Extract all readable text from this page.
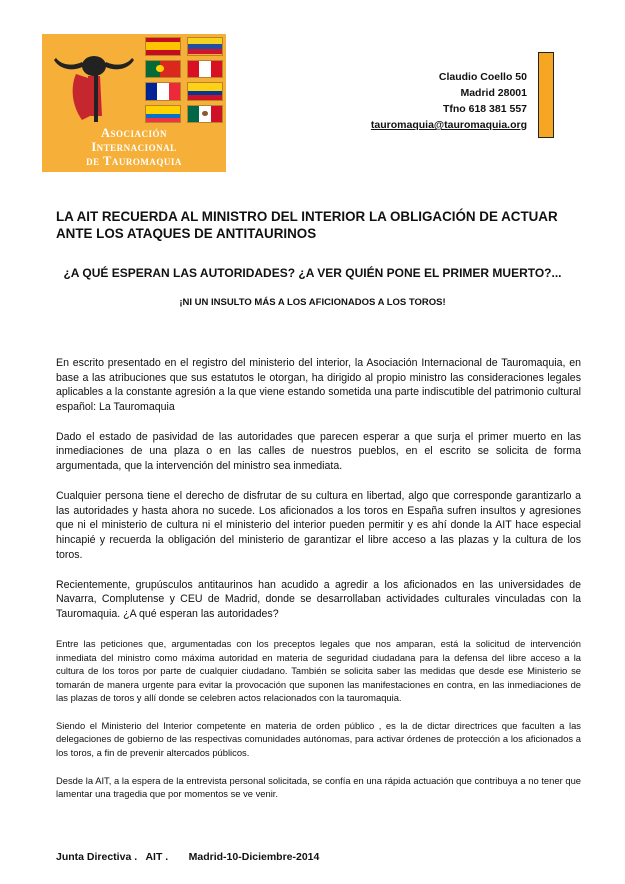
Asociación
Internacional
de Tauromaquia
Claudio Coello 50
Madrid 28001
Tfno 618 381 557
tauromaquia@tauromaquia.org
LA AIT RECUERDA AL MINISTRO DEL INTERIOR LA OBLIGACIÓN DE ACTUAR ANTE LOS ATAQUES DE ANTITAURINOS
¿A QUÉ ESPERAN LAS AUTORIDADES? ¿A VER QUIÉN PONE EL PRIMER MUERTO?...
¡NI UN INSULTO MÁS A LOS AFICIONADOS A LOS TOROS!

En escrito presentado en el registro del ministerio del interior, la Asociación Internacional de Tauromaquia, en base a las atribuciones que sus estatutos le otorgan, ha dirigido al propio ministro las consideraciones legales aplicables a la constante agresión a la que viene estando sometida una parte indiscutible del patrimonio cultural español: La Tauromaquia

Dado el estado de pasividad de las autoridades que parecen esperar a que surja el primer muerto en las inmediaciones de una plaza o en las calles de nuestros pueblos, en el escrito se solicita de forma argumentada, que la intervención del ministro sea inmediata.

Cualquier persona tiene el derecho de disfrutar de su cultura en libertad, algo que corresponde garantizarlo a las autoridades y hasta ahora no sucede. Los aficionados a los toros en España sufren insultos y agresiones que ni el ministerio de cultura ni el ministerio del interior pueden permitir y es ahí donde la AIT hace especial hincapié y recuerda la obligación del ministerio de garantizar el libre acceso a las plazas y la cultura de los toros.

Recientemente, grupúsculos antitaurinos han acudido a agredir a los aficionados en las universidades de Navarra, Complutense y CEU de Madrid, donde se desarrollaban actividades culturales vinculadas con la Tauromaquia. ¿A qué esperan las autoridades?

Entre las peticiones que, argumentadas con los preceptos legales que nos amparan, está la solicitud de intervención inmediata del ministro como máxima autoridad en materia de seguridad ciudadana para la defensa del libre acceso a la cultura de los toros por parte de cualquier ciudadano. También se solicita saber las medidas que desde ese Ministerio se tomarán de manera urgente para evitar la provocación que suponen las manifestaciones en contra, en las inmediaciones de las plazas de toros y allí donde se celebren actos relacionados con la tauromaquia.

Siendo el Ministerio del Interior competente en materia de orden público , es la de dictar directrices que faculten a las delegaciones de gobierno de las respectivas comunidades autónomas, para activar órdenes de protección a los aficionados a los toros, a fin de prevenir altercados públicos.

Desde la AIT, a la espera de la entrevista personal solicitada, se confía en una rápida actuación que contribuya a no tener que lamentar una tragedia que por momentos se ve venir.

Junta Directiva .   AIT .       Madrid-10-Diciembre-2014
